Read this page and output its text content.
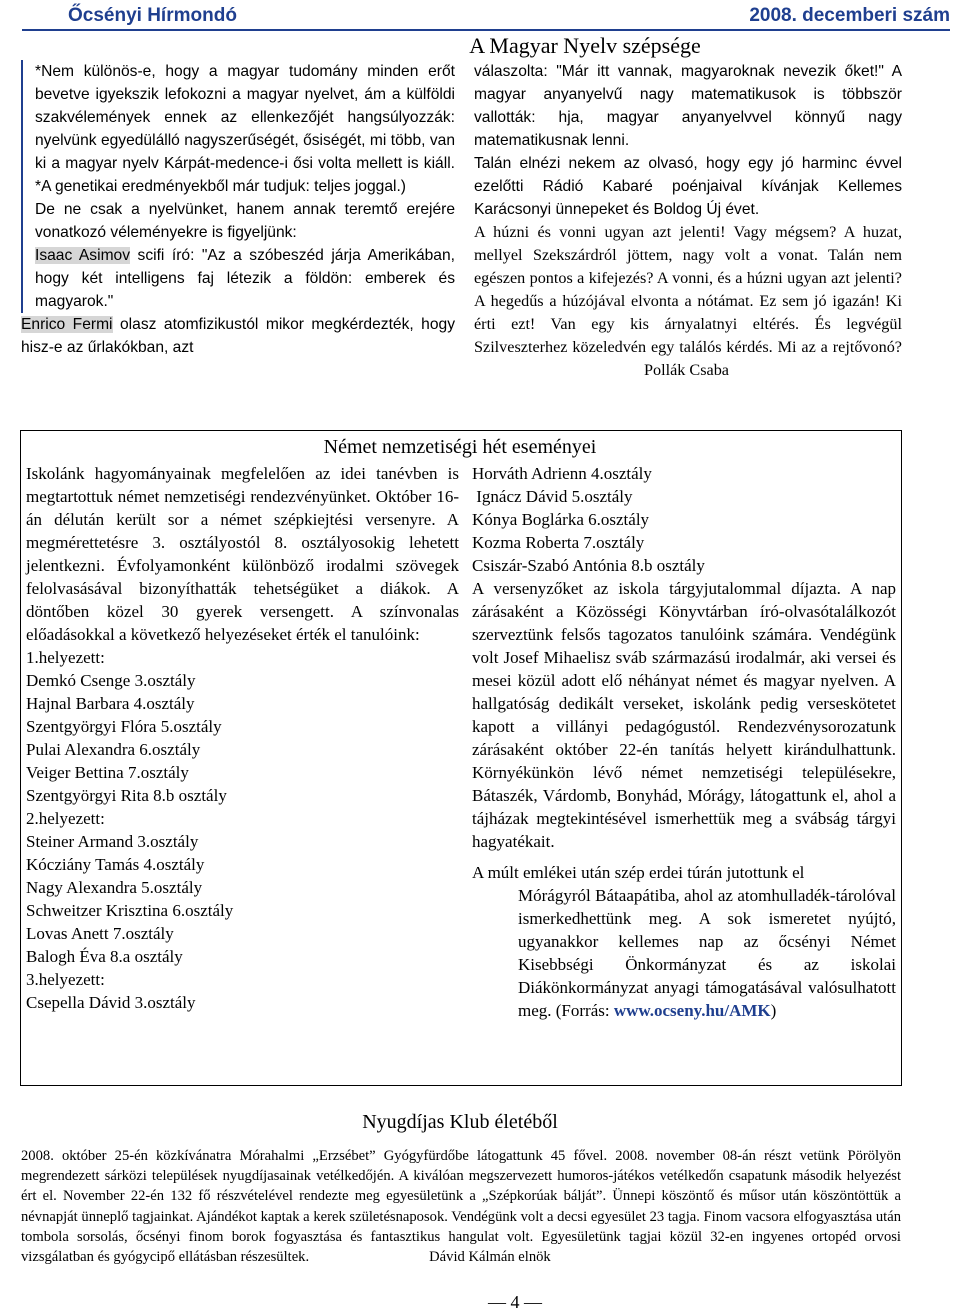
Őcsényi Hírmondó	2008. decemberi szám
A Magyar Nyelv szépsége

*Nem különös-e, hogy a magyar tudomány minden erőt bevetve igyekszik lefokozni a magyar nyelvet, ám a külföldi szakvélemények ennek az ellenkezőjét hangsúlyozzák: nyelvünk egyedülálló nagyszerűségét, ősiségét, mi több, van ki a magyar nyelv Kárpát-medence-i ősi volta mellett is kiáll. *A genetikai eredményekből már tudjuk: teljes joggal.)

De ne csak a nyelvünket, hanem annak teremtő erejére vonatkozó véleményekre is figyeljünk:

Isaac Asimov scifi író: "Az a szóbeszéd járja Amerikában, hogy két intelligens faj létezik a földön: emberek és magyarok."

Enrico Fermi olasz atomfizikustól mikor megkérdezték, hogy hisz-e az űrlakókban, azt

válaszolta: "Már itt vannak, magyaroknak nevezik őket!" A magyar anyanyelvű nagy matematikusok is többször vallották: hja, magyar anyanyelvvel könnyű nagy matematikusnak lenni.

Talán elnézi nekem az olvasó, hogy egy jó harminc évvel ezelőtti Rádió Kabaré poénjaival kívánjak Kellemes Karácsonyi ünnepeket és Boldog Új évet.

A húzni és vonni ugyan azt jelenti! Vagy mégsem? A huzat, mellyel Szekszárdról jöttem, nagy volt a vonat. Talán nem egészen pontos a kifejezés? A vonni, és a húzni ugyan azt jelenti? A hegedűs a húzójával elvonta a nótámat. Ez sem jó igazán! Ki érti ezt! Van egy kis árnyalatnyi eltérés. És legvégül Szilveszterhez közeledvén egy találós kérdés. Mi az a rejtővonó?Pollák Csaba

Német nemzetiségi hét eseményei

Iskolánk hagyományainak megfelelően az idei tanévben is megtartottuk német nemzetiségi rendezvényünket. Október 16-án délután került sor a német szépkiejtési versenyre. A megmérettetésre 3. osztályostól 8. osztályosokig lehetett jelentkezni. Évfolyamonként különböző irodalmi szövegek felolvasásával bizonyíthatták tehetségüket a diákok. A döntőben közel 30 gyerek versengett. A színvonalas előadásokkal a következő helyezéseket érték el tanulóink:

1.helyezett:

Demkó Csenge 3.osztály

Hajnal Barbara 4.osztály

Szentgyörgyi Flóra 5.osztály

Pulai Alexandra 6.osztály

Veiger Bettina 7.osztály

Szentgyörgyi Rita 8.b osztály

2.helyezett:

Steiner Armand 3.osztály

Kócziány Tamás 4.osztály

Nagy Alexandra 5.osztály

Schweitzer Krisztina 6.osztály

Lovas Anett 7.osztály

Balogh Éva 8.a osztály

3.helyezett:

Csepella Dávid 3.osztály

Horváth Adrienn 4.osztály

Ignácz Dávid 5.osztály

Kónya Boglárka 6.osztály

Kozma Roberta 7.osztály

Csiszár-Szabó Antónia 8.b osztály

A versenyzőket az iskola tárgyjutalommal díjazta. A nap zárásaként a Közösségi Könyvtárban író-olvasótalálkozót szerveztünk felsős tagozatos tanulóink számára. Vendégünk volt Josef Mihaelisz sváb származású irodalmár, aki versei és mesei közül adott elő néhányat német és magyar nyelven. A hallgatóság dedikált verseket, iskolánk pedig verseskötetet kapott a villányi pedagógustól. Rendezvénysorozatunk zárásaként október 22-én tanítás helyett kirándulhattunk. Környékünkön lévő német nemzetiségi településekre, Bátaszék, Várdomb, Bonyhád, Mórágy, látogattunk el, ahol a tájházak megtekintésével ismerhettük meg a svábság tárgyi hagyatékait.

A múlt emlékei után szép erdei túrán jutottunk el

Mórágyról Bátaapátiba, ahol az atomhulladék-tárolóval ismerkedhettünk meg. A sok ismeretet nyújtó, ugyanakkor kellemes nap az őcsényi Német Kisebbségi Önkormányzat és az iskolai Diákönkormányzat anyagi támogatásával valósulhatott meg. (Forrás: www.ocseny.hu/AMK)

Nyugdíjas Klub életéből

2008. október 25-én közkívánatra Mórahalmi „Erzsébet” Gyógyfürdőbe látogattunk 45 fővel. 2008. november 08-án részt vetünk Pörölyön megrendezett sárközi települések nyugdíjasainak vetélkedőjén. A kiválóan megszervezett humoros-játékos vetélkedőn csapatunk második helyezést ért el. November 22-én 132 fő részvételével rendezte meg egyesületünk a „Szépkorúak bálját”. Ünnepi köszöntő és műsor után köszöntöttük a névnapját ünneplő tagjainkat. Ajándékot kaptak a kerek születésnaposok. Vendégünk volt a decsi egyesület 23 tagja. Finom vacsora elfogyasztása után tombola sorsolás, őcsényi finom borok fogyasztása és fantasztikus hangulat volt. Egyesületünk tagjai közül 32-en ingyenes ortopéd orvosi vizsgálatban és gyógycipő ellátásban részesültek.	Dávid Kálmán elnök

— 4 —
